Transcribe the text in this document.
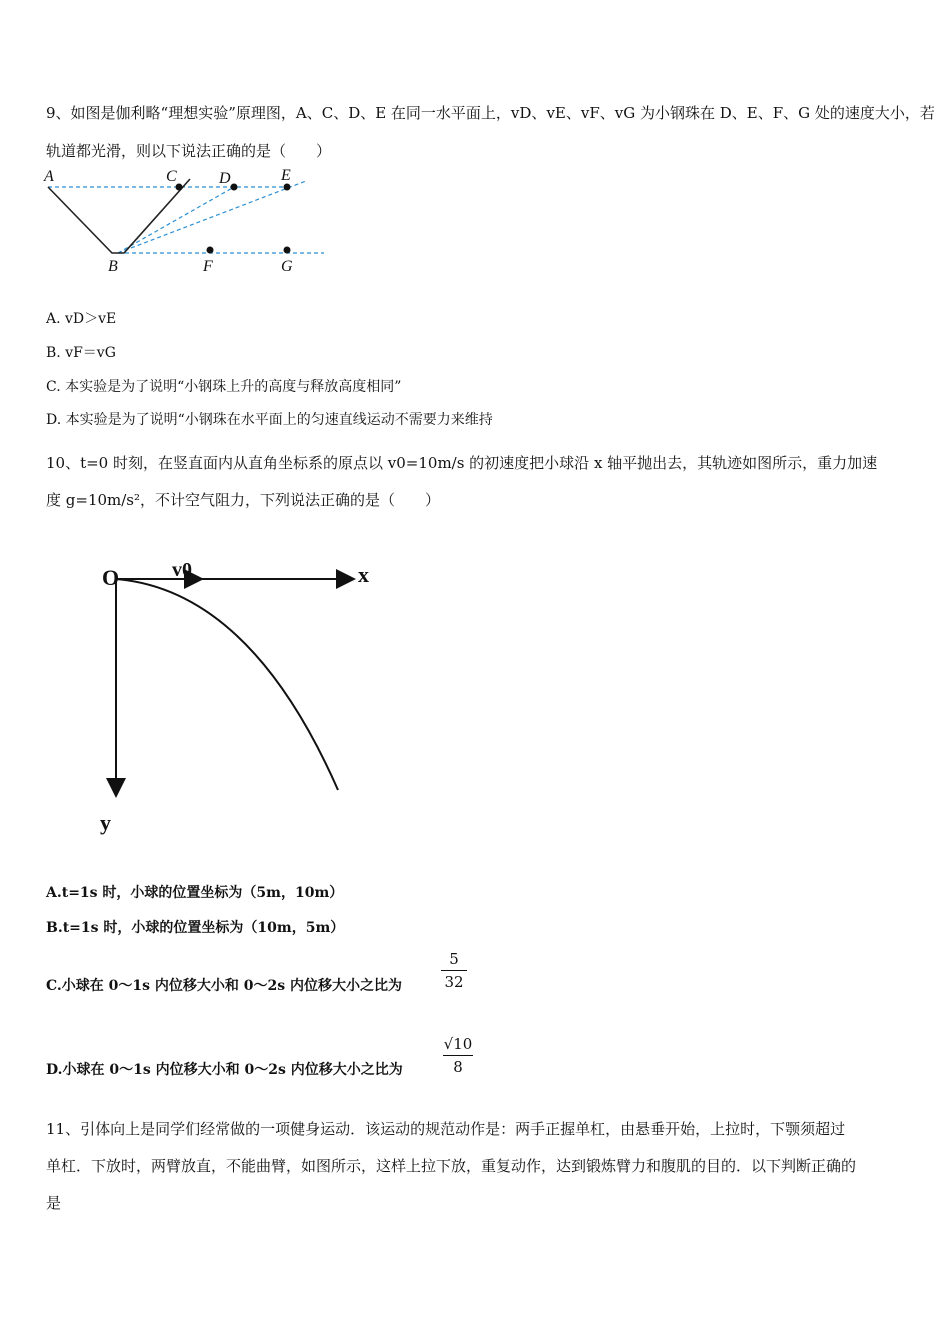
9、如图是伽利略“理想实验”原理图，A、C、D、E 在同一水平面上，vD、vE、vF、vG 为小钢珠在 D、E、F、G 处的速度大小，若
轨道都光滑，则以下说法正确的是（　　）
A	C	D	E
B	F	G
A. vD＞vE
B. vF＝vG
C. 本实验是为了说明“小钢珠上升的高度与释放高度相同”
D. 本实验是为了说明“小钢珠在水平面上的匀速直线运动不需要力来维持
10、t=0 时刻，在竖直面内从直角坐标系的原点以 v0=10m/s 的初速度把小球沿 x 轴平抛出去，其轨迹如图所示，重力加速
度 g=10m/s²，不计空气阻力，下列说法正确的是（　　）
O	v0	x
y
A.t=1s 时，小球的位置坐标为（5m，10m）
B.t=1s 时，小球的位置坐标为（10m，5m）
C.小球在 0～1s 内位移大小和 0～2s 内位移大小之比为
5
32
D.小球在 0～1s 内位移大小和 0～2s 内位移大小之比为
√10
8
11、引体向上是同学们经常做的一项健身运动．该运动的规范动作是：两手正握单杠，由悬垂开始，上拉时，下颚须超过
单杠．下放时，两臂放直，不能曲臂，如图所示，这样上拉下放，重复动作，达到锻炼臂力和腹肌的目的．以下判断正确的
是
